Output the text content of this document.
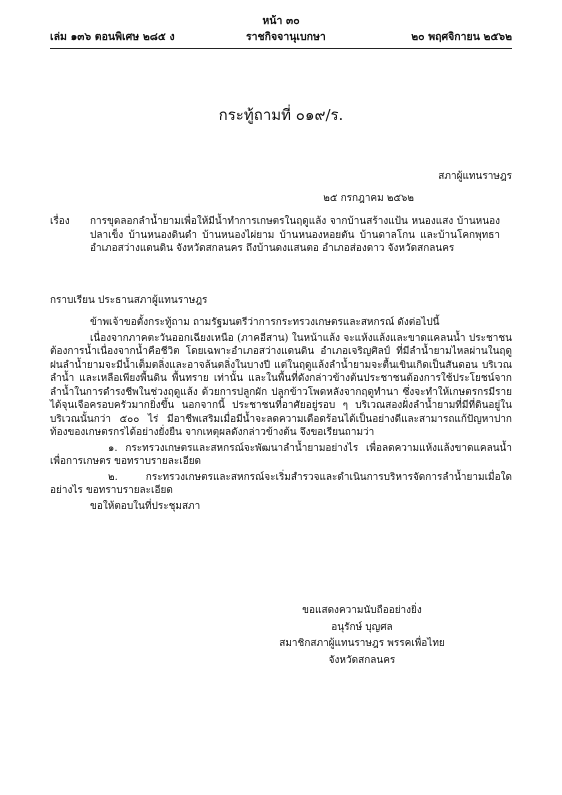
หน้า ๓๐
เล่ม ๑๓๖ ตอนพิเศษ ๒๘๕ ง	ราชกิจจานุเบกษา	๒๐ พฤศจิกายน ๒๕๖๒
กระทู้ถามที่ ๐๑๙/ร.
สภาผู้แทนราษฎร
๒๕ กรกฎาคม ๒๕๖๒
เรื่อง	การขุดลอกลำน้ำยามเพื่อให้มีน้ำทำการเกษตรในฤดูแล้ง จากบ้านสร้างแป้น หนองแสง บ้านหนองปลาเข็ง บ้านหนองดินดำ บ้านหนองไผ่ยาม บ้านหนองหอยตัน บ้านดาลโกน และบ้านโคกพุทธา อำเภอสว่างแดนดิน จังหวัดสกลนคร ถึงบ้านดงแสนตอ อำเภอส่องดาว จังหวัดสกลนคร
กราบเรียน ประธานสภาผู้แทนราษฎร

ข้าพเจ้าขอตั้งกระทู้ถาม ถามรัฐมนตรีว่าการกระทรวงเกษตรและสหกรณ์ ดังต่อไปนี้

เนื่องจากภาคตะวันออกเฉียงเหนือ (ภาคอีสาน) ในหน้าแล้ง จะแห้งแล้งและขาดแคลนน้ำ ประชาชนต้องการน้ำเนื่องจากน้ำคือชีวิต โดยเฉพาะอำเภอสว่างแดนดิน อำเภอเจริญศิลป์ ที่มีลำน้ำยามไหลผ่านในฤดูฝนลำน้ำยามจะมีน้ำเต็มตลิ่งและอาจล้นตลิ่งในบางปี แต่ในฤดูแล้งลำน้ำยามจะตื้นเขินเกิดเป็นสันดอน บริเวณลำน้ำ และเหลือเพียงพื้นดิน พื้นทราย เท่านั้น และในพื้นที่ดังกล่าวข้างต้นประชาชนต้องการใช้ประโยชน์จากลำน้ำในการดำรงชีพในช่วงฤดูแล้ง ด้วยการปลูกผัก ปลูกข้าวโพดหลังจากฤดูทำนา ซึ่งจะทำให้เกษตรกรมีรายได้จุนเจือครอบครัวมากยิ่งขึ้น นอกจากนี้ ประชาชนที่อาศัยอยู่รอบ ๆ บริเวณสองฝั่งลำน้ำยามที่มีที่ดินอยู่ในบริเวณนั้นกว่า ๕๐๐ ไร่ มีอาชีพเสริมเมื่อมีน้ำจะลดความเดือดร้อนได้เป็นอย่างดีและสามารถแก้ปัญหาปากท้องของเกษตรกรได้อย่างยั่งยืน จากเหตุผลดังกล่าวข้างต้น จึงขอเรียนถามว่า

๑. กระทรวงเกษตรและสหกรณ์จะพัฒนาลำน้ำยามอย่างไร เพื่อลดความแห้งแล้งขาดแคลนน้ำเพื่อการเกษตร ขอทราบรายละเอียด

๒. กระทรวงเกษตรและสหกรณ์จะเริ่มสำรวจและดำเนินการบริหารจัดการลำน้ำยามเมื่อใด อย่างไร ขอทราบรายละเอียด

ขอให้ตอบในที่ประชุมสภา

ขอแสดงความนับถืออย่างยิ่ง
อนุรักษ์ บุญศล
สมาชิกสภาผู้แทนราษฎร พรรคเพื่อไทย
จังหวัดสกลนคร
